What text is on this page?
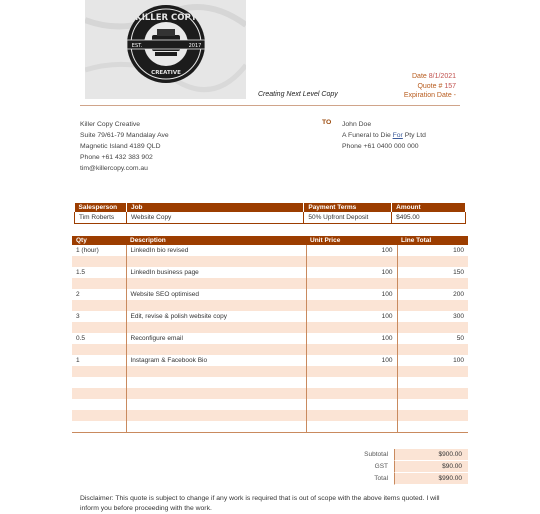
KILLER COPY
EST.	2017
CREATIVE
Creating Next Level Copy
Date 8/1/2021
Quote # 157
Expiration Date -
Killer Copy Creative
Suite 79/61-79 Mandalay Ave
Magnetic Island 4189 QLD
Phone +61 432 383 902
tim@killercopy.com.au
TO John Doe
A Funeral to Die For Pty Ltd
Phone +61 0400 000 000
Salesperson	Job	Payment Terms	Amount
Tim Roberts	Website Copy	50% Upfront Deposit	$495.00
Qty	Description	Unit Price	Line Total
1 (hour)	LinkedIn bio revised	100	100

1.5	LinkedIn business page	100	150

2	Website SEO optimised	100	200

3	Edit, revise & polish website copy	100	300

0.5	Reconfigure email	100	50

1	Instagram & Facebook Bio	100	100

Subtotal	$900.00
GST	$90.00
Total	$990.00
Disclaimer: This quote is subject to change if any work is required that is out of scope with the above items quoted. I will inform you before proceeding with the work.
